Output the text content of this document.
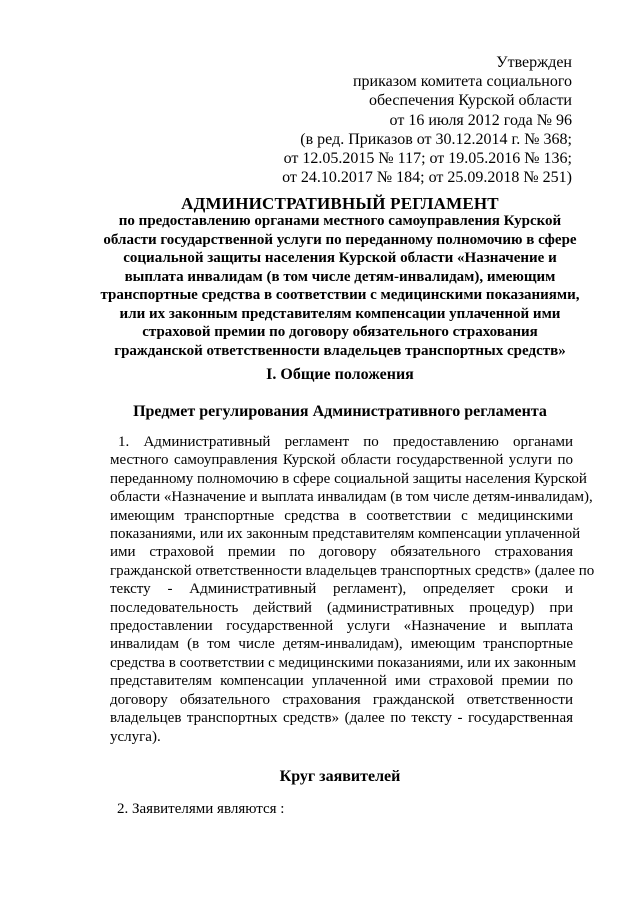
Утвержден
приказом комитета социального
обеспечения Курской области
от 16 июля 2012 года № 96
(в ред. Приказов от 30.12.2014 г. № 368;
от 12.05.2015 № 117; от 19.05.2016 № 136;
от 24.10.2017 № 184; от 25.09.2018 № 251)
АДМИНИСТРАТИВНЫЙ РЕГЛАМЕНТ
по предоставлению органами местного самоуправления Курской
области государственной услуги по переданному полномочию в сфере
социальной защиты населения Курской области «Назначение и
выплата инвалидам (в том числе детям-инвалидам), имеющим
транспортные средства в соответствии с медицинскими показаниями,
или их законным представителям компенсации уплаченной ими
страховой премии по договору обязательного страхования
гражданской ответственности владельцев транспортных средств»
I. Общие положения
Предмет регулирования Административного регламента
1. Административный регламент по предоставлению органами
местного самоуправления Курской области государственной услуги по
переданному полномочию в сфере социальной защиты населения Курской
области «Назначение и выплата инвалидам (в том числе детям-инвалидам),
имеющим транспортные средства в соответствии с медицинскими
показаниями, или их законным представителям компенсации уплаченной
ими страховой премии по договору обязательного страхования
гражданской ответственности владельцев транспортных средств» (далее по
тексту - Административный регламент), определяет сроки и
последовательность действий (административных процедур) при
предоставлении государственной услуги «Назначение и выплата
инвалидам (в том числе детям-инвалидам), имеющим транспортные
средства в соответствии с медицинскими показаниями, или их законным
представителям компенсации уплаченной ими страховой премии по
договору обязательного страхования гражданской ответственности
владельцев транспортных средств» (далее по тексту - государственная
услуга).
Круг заявителей
2. Заявителями являются :
